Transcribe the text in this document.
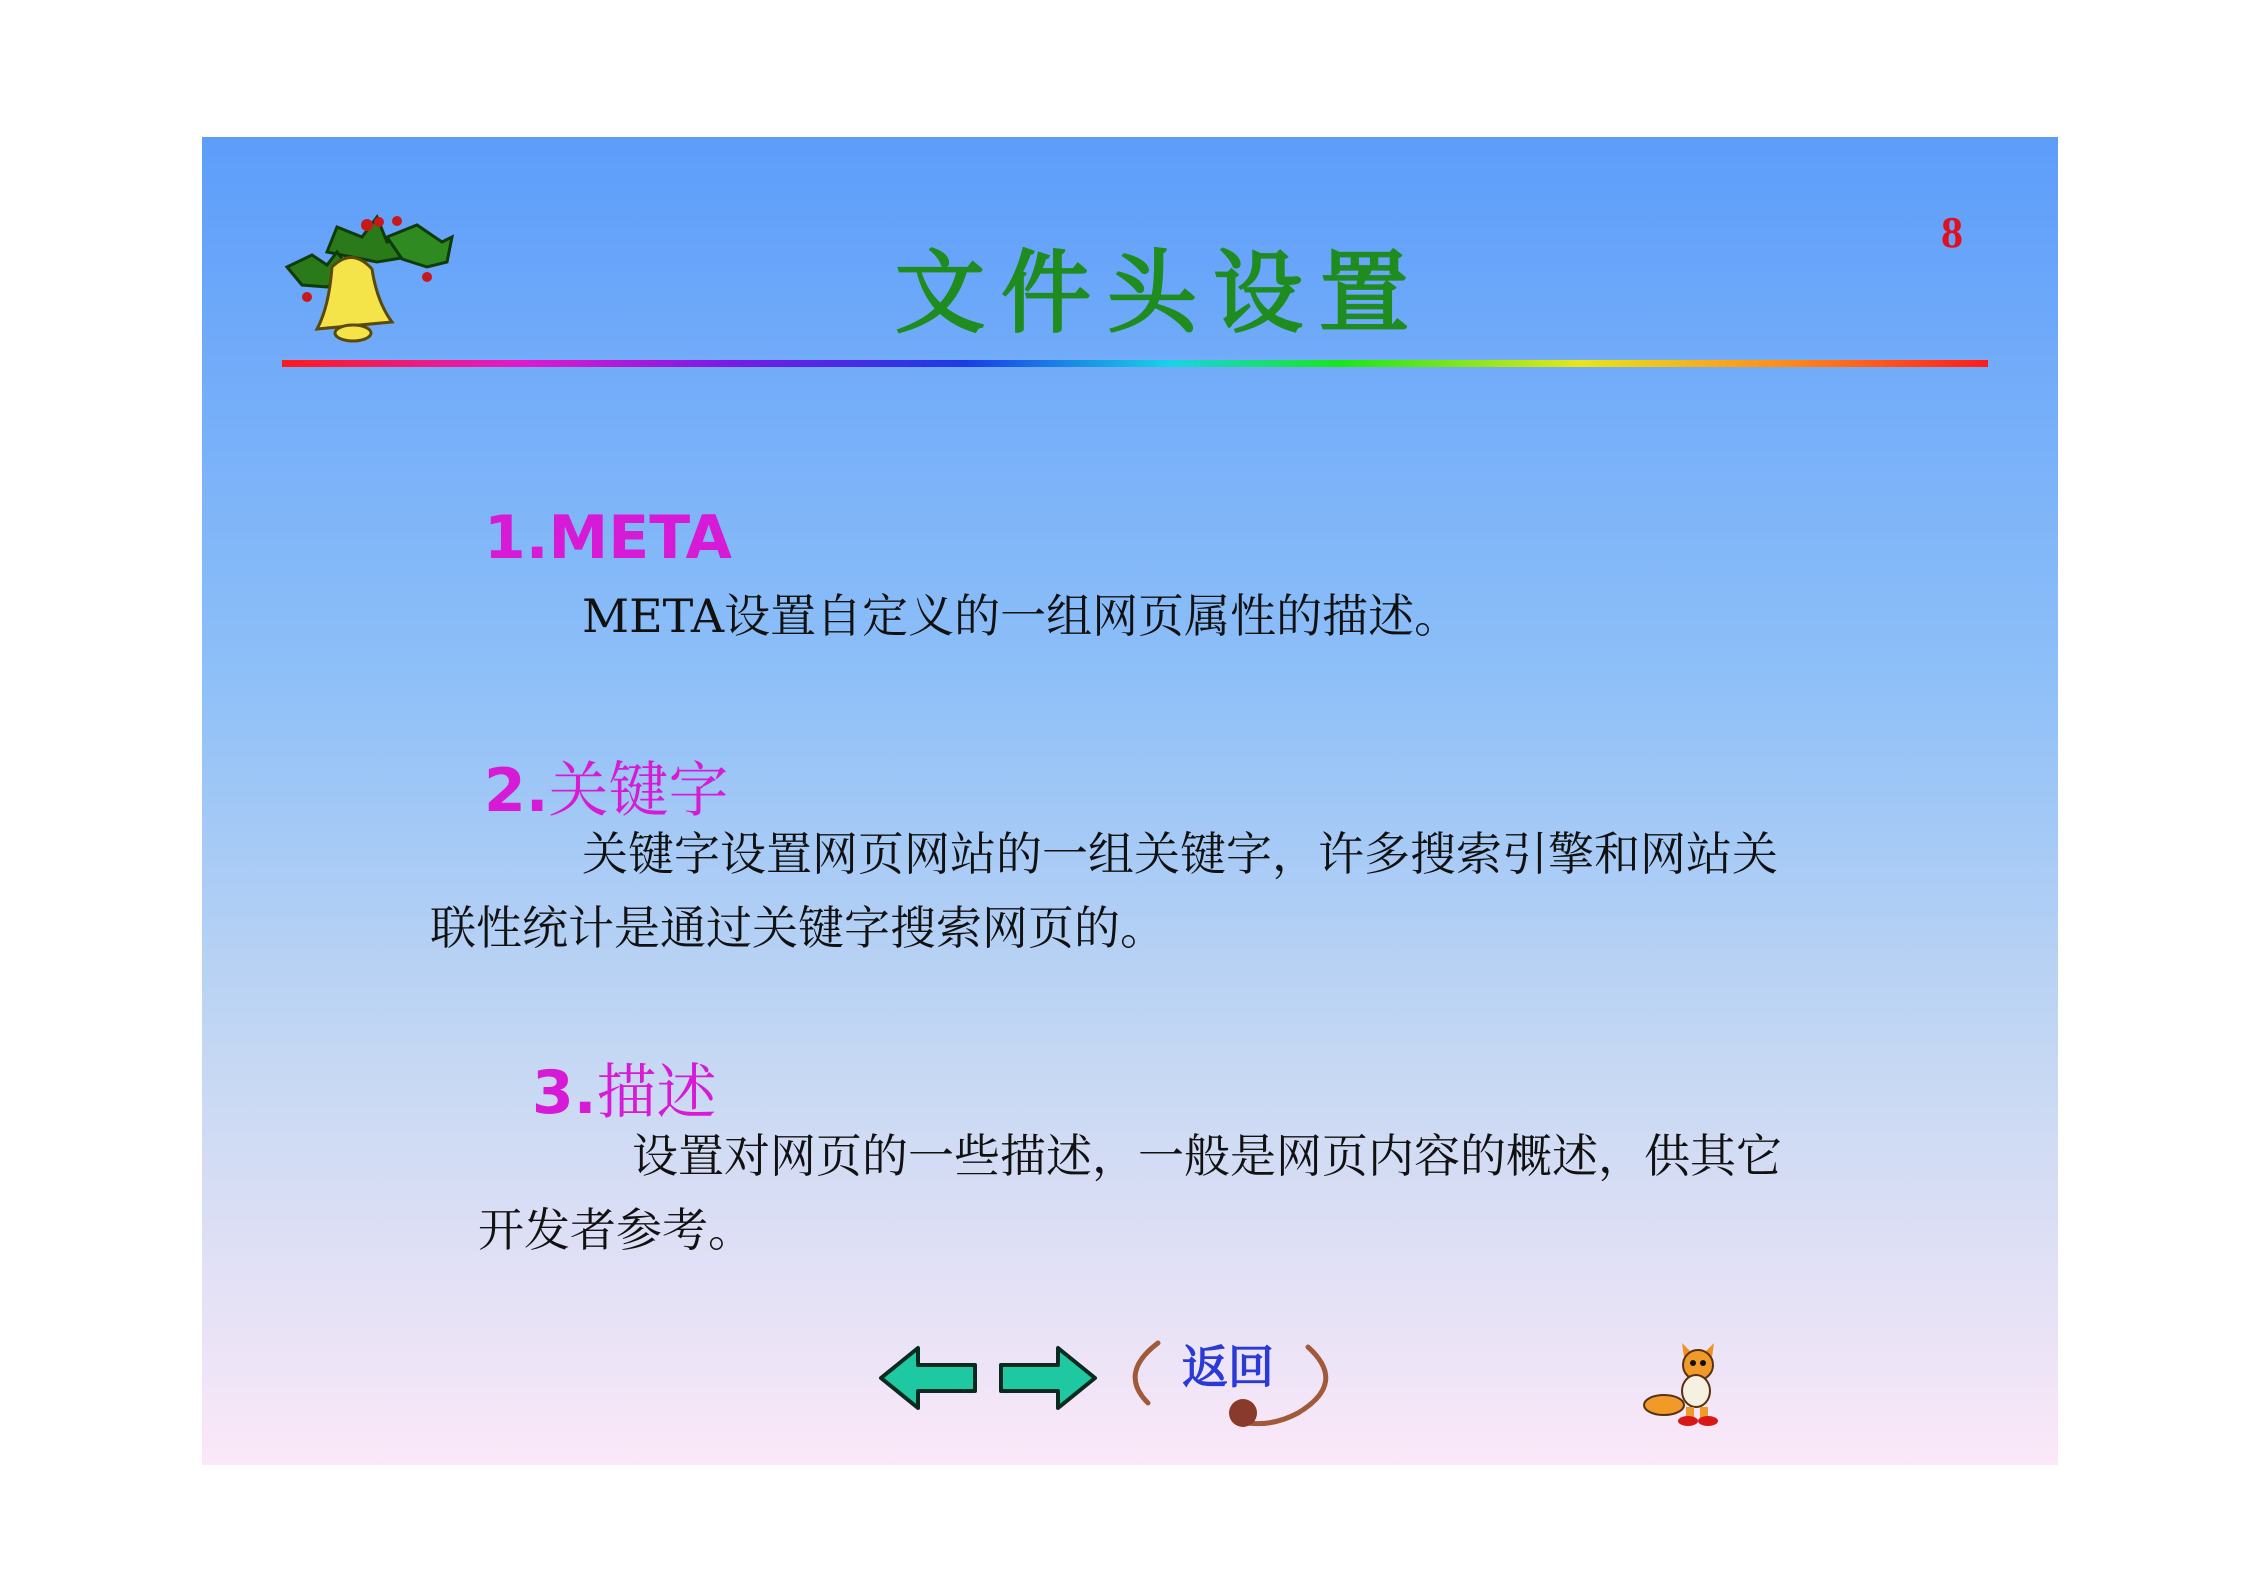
文件头设置
8
1.META
META设置自定义的一组网页属性的描述。
2.关键字
关键字设置网页网站的一组关键字，许多搜索引擎和网站关
联性统计是通过关键字搜索网页的。
3.描述
设置对网页的一些描述，一般是网页内容的概述，供其它
开发者参考。
返回
